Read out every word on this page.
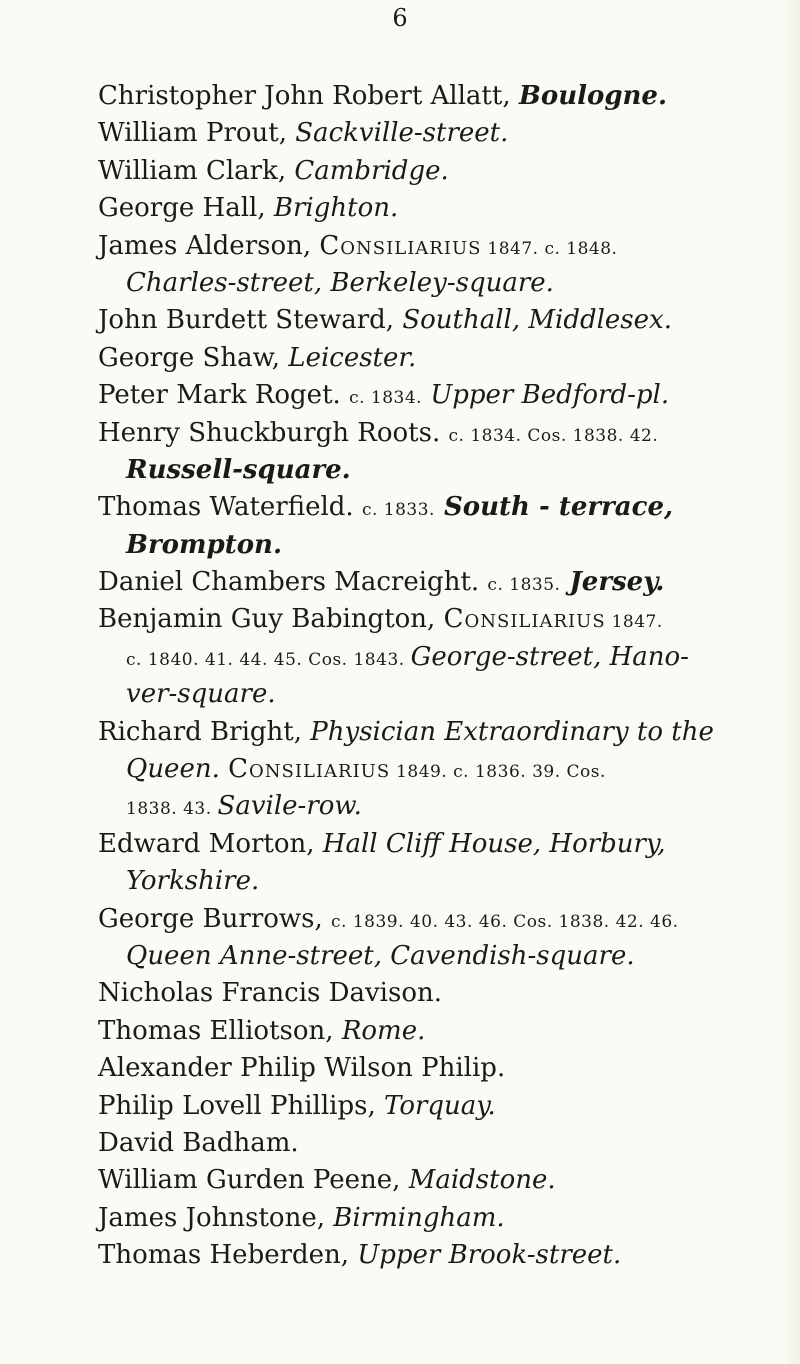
6
Christopher John Robert Allatt, Boulogne.
William Prout, Sackville-street.
William Clark, Cambridge.
George Hall, Brighton.
James Alderson, Consiliarius 1847. c. 1848.
Charles-street, Berkeley-square.
John Burdett Steward, Southall, Middlesex.
George Shaw, Leicester.
Peter Mark Roget. c. 1834. Upper Bedford-pl.
Henry Shuckburgh Roots. c. 1834. Cos. 1838. 42.
Russell-square.
Thomas Waterfield. c. 1833. South - terrace,
Brompton.
Daniel Chambers Macreight. c. 1835. Jersey.
Benjamin Guy Babington, Consiliarius 1847.
c. 1840. 41. 44. 45. Cos. 1843. George-street, Hano-
ver-square.
Richard Bright, Physician Extraordinary to the
Queen. Consiliarius 1849. c. 1836. 39. Cos.
1838. 43. Savile-row.
Edward Morton, Hall Cliff House, Horbury,
Yorkshire.
George Burrows, c. 1839. 40. 43. 46. Cos. 1838. 42. 46.
Queen Anne-street, Cavendish-square.
Nicholas Francis Davison.
Thomas Elliotson, Rome.
Alexander Philip Wilson Philip.
Philip Lovell Phillips, Torquay.
David Badham.
William Gurden Peene, Maidstone.
James Johnstone, Birmingham.
Thomas Heberden, Upper Brook-street.
